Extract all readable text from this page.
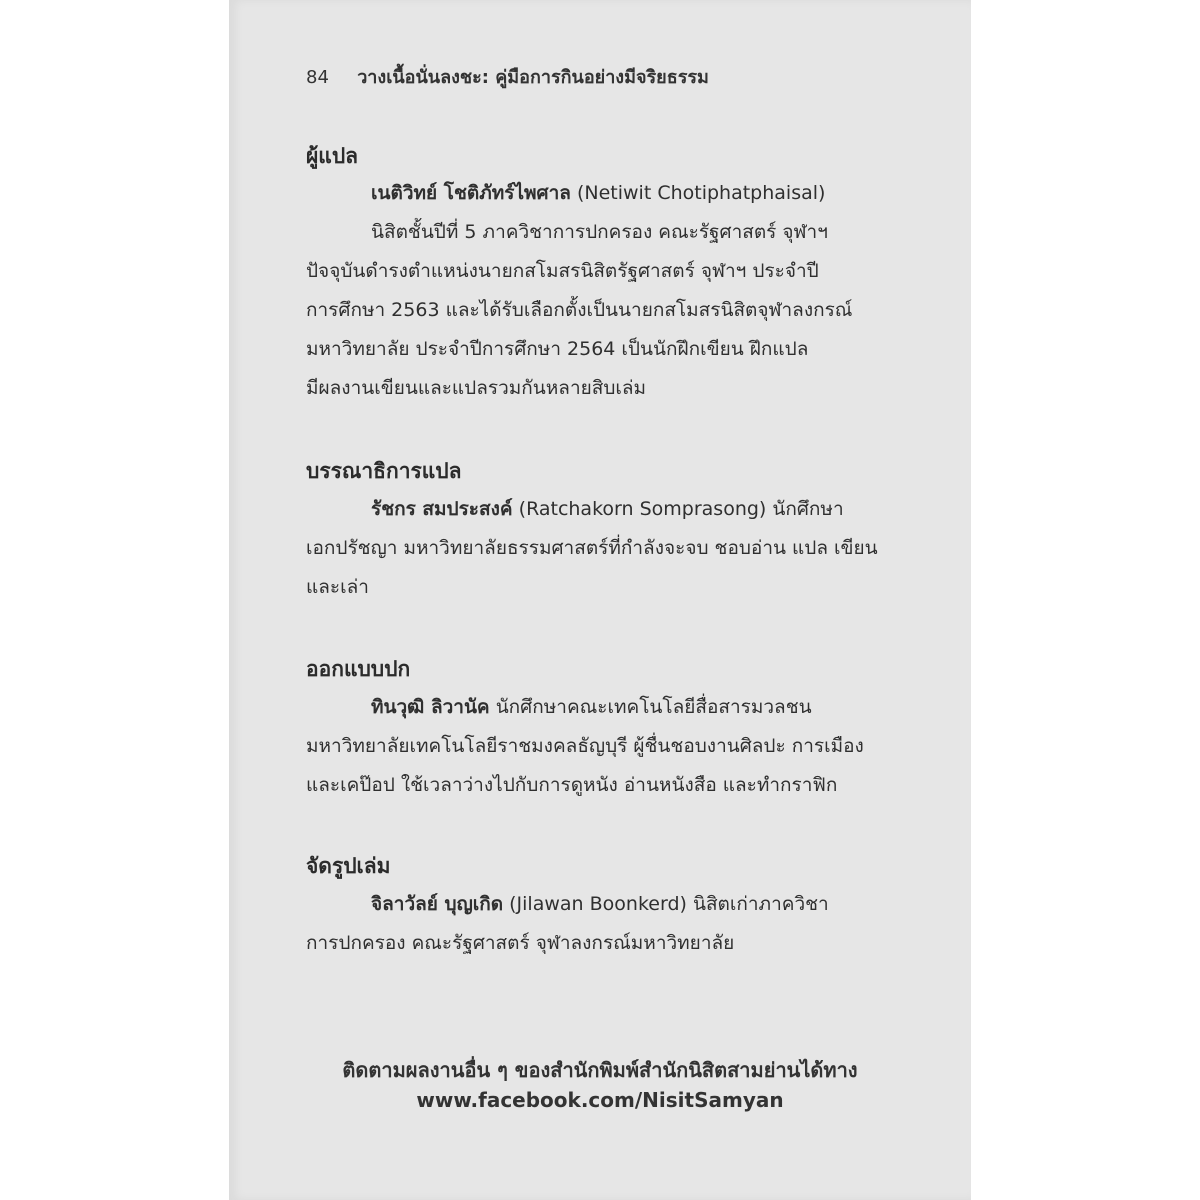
84 วางเนื้อนั่นลงชะ: คู่มือการกินอย่างมีจริยธรรม
ผู้แปล
เนติวิทย์ โชติภัทร์ไพศาล (Netiwit Chotiphatphaisal)
นิสิตชั้นปีที่ 5 ภาควิชาการปกครอง คณะรัฐศาสตร์ จุฬาฯ
ปัจจุบันดำรงตำแหน่งนายกสโมสรนิสิตรัฐศาสตร์ จุฬาฯ ประจำปี
การศึกษา 2563 และได้รับเลือกตั้งเป็นนายกสโมสรนิสิตจุฬาลงกรณ์
มหาวิทยาลัย ประจำปีการศึกษา 2564 เป็นนักฝึกเขียน ฝึกแปล
มีผลงานเขียนและแปลรวมกันหลายสิบเล่ม
บรรณาธิการแปล
รัชกร สมประสงค์ (Ratchakorn Somprasong) นักศึกษา
เอกปรัชญา มหาวิทยาลัยธรรมศาสตร์ที่กำลังจะจบ ชอบอ่าน แปล เขียน
และเล่า
ออกแบบปก
ทินวุฒิ ลิวานัค นักศึกษาคณะเทคโนโลยีสื่อสารมวลชน
มหาวิทยาลัยเทคโนโลยีราชมงคลธัญบุรี ผู้ชื่นชอบงานศิลปะ การเมือง
และเคป๊อป ใช้เวลาว่างไปกับการดูหนัง อ่านหนังสือ และทำกราฟิก
จัดรูปเล่ม
จิลาวัลย์ บุญเกิด (Jilawan Boonkerd) นิสิตเก่าภาควิชา
การปกครอง คณะรัฐศาสตร์ จุฬาลงกรณ์มหาวิทยาลัย
ติดตามผลงานอื่น ๆ ของสำนักพิมพ์สำนักนิสิตสามย่านได้ทาง
www.facebook.com/NisitSamyan
